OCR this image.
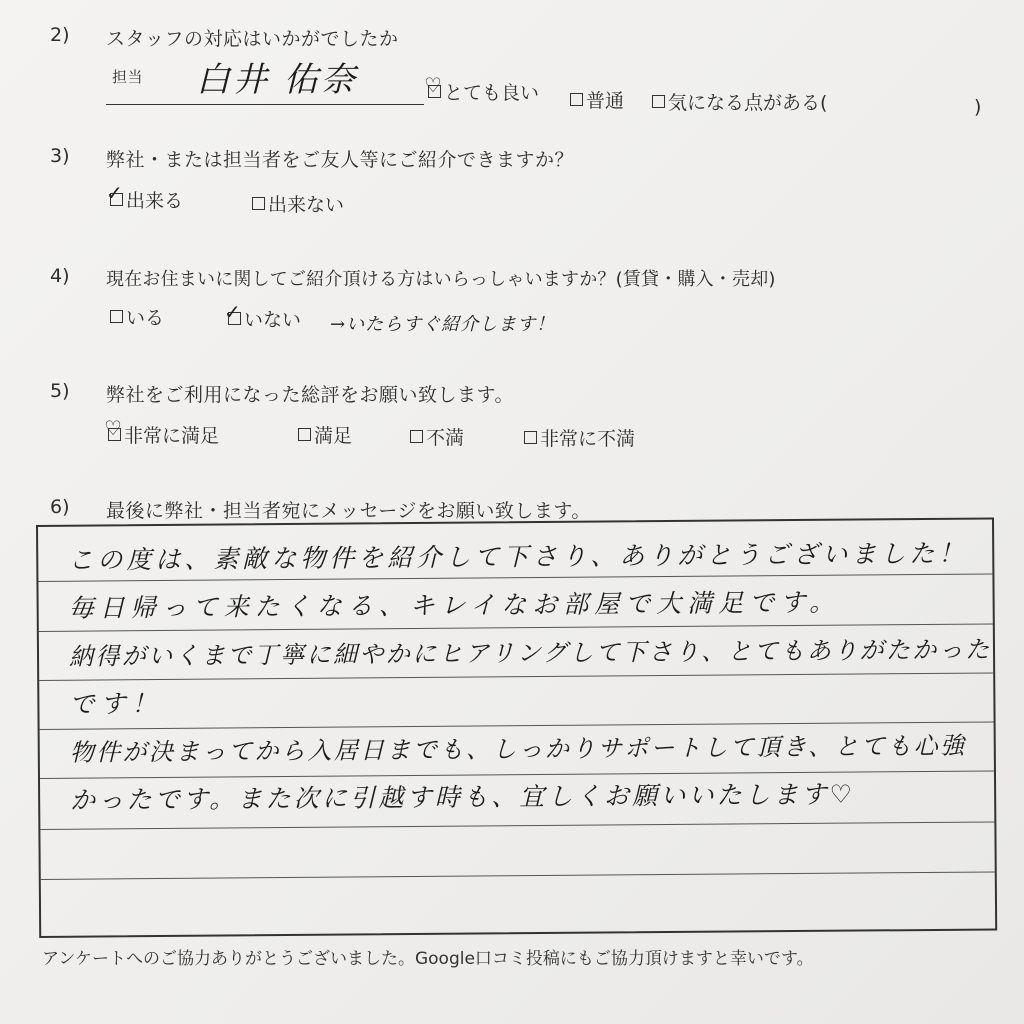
2) スタッフの対応はいかがでしたか
担当 白井 佑奈	♡ とても良い 普通 気になる点がある(	)
3) 弊社・または担当者をご友人等にご紹介できますか？
✓ 出来る	出来ない
4) 現在お住まいに関してご紹介頂ける方はいらっしゃいますか？(賃貸・購入・売却)
いる	✓ いない →いたらすぐ紹介します！
5) 弊社をご利用になった総評をお願い致します。
♡ 非常に満足	満足	不満	非常に不満
6) 最後に弊社・担当者宛にメッセージをお願い致します。
この度は、素敵な物件を紹介して下さり、ありがとうございました！
毎日帰って来たくなる、キレイなお部屋で大満足です。
納得がいくまで丁寧に細やかにヒアリングして下さり、とてもありがたかった
です！
物件が決まってから入居日までも、しっかりサポートして頂き、とても心強
かったです。また次に引越す時も、宜しくお願いいたします♡
アンケートへのご協力ありがとうございました。Google口コミ投稿にもご協力頂けますと幸いです。
